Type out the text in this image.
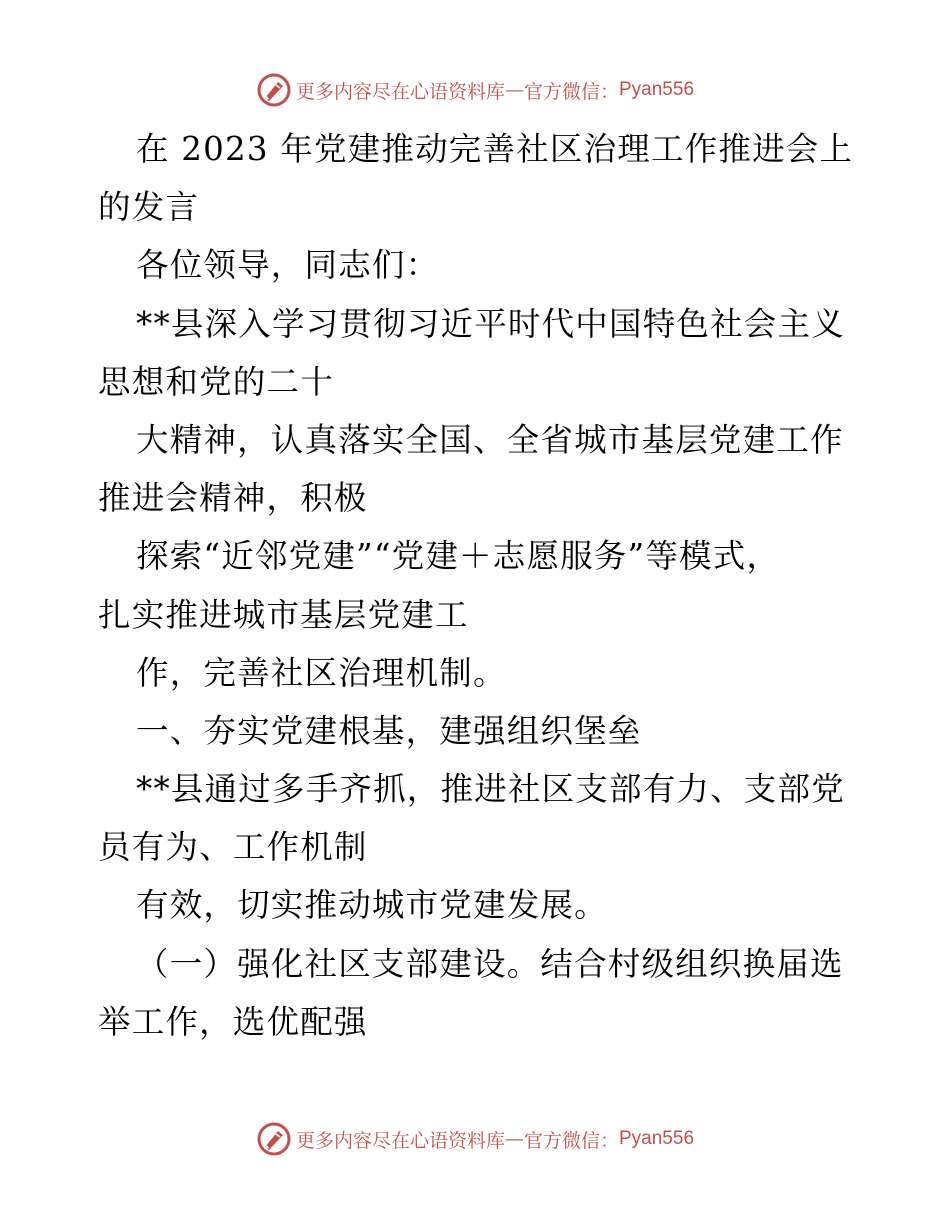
更多内容尽在心语资料库 — 官方微信： Pyan556
在 2023 年党建推动完善社区治理工作推进会上
的发言
各位领导，同志们：
**县深入学习贯彻习近平时代中国特色社会主义
思想和党的二十
大精神，认真落实全国、全省城市基层党建工作
推进会精神，积极
探索“近邻党建”“党建＋志愿服务”等模式，
扎实推进城市基层党建工
作，完善社区治理机制。
一、夯实党建根基，建强组织堡垒
**县通过多手齐抓，推进社区支部有力、支部党
员有为、工作机制
有效，切实推动城市党建发展。
（一）强化社区支部建设。结合村级组织换届选
举工作，选优配强
更多内容尽在心语资料库 — 官方微信： Pyan556
